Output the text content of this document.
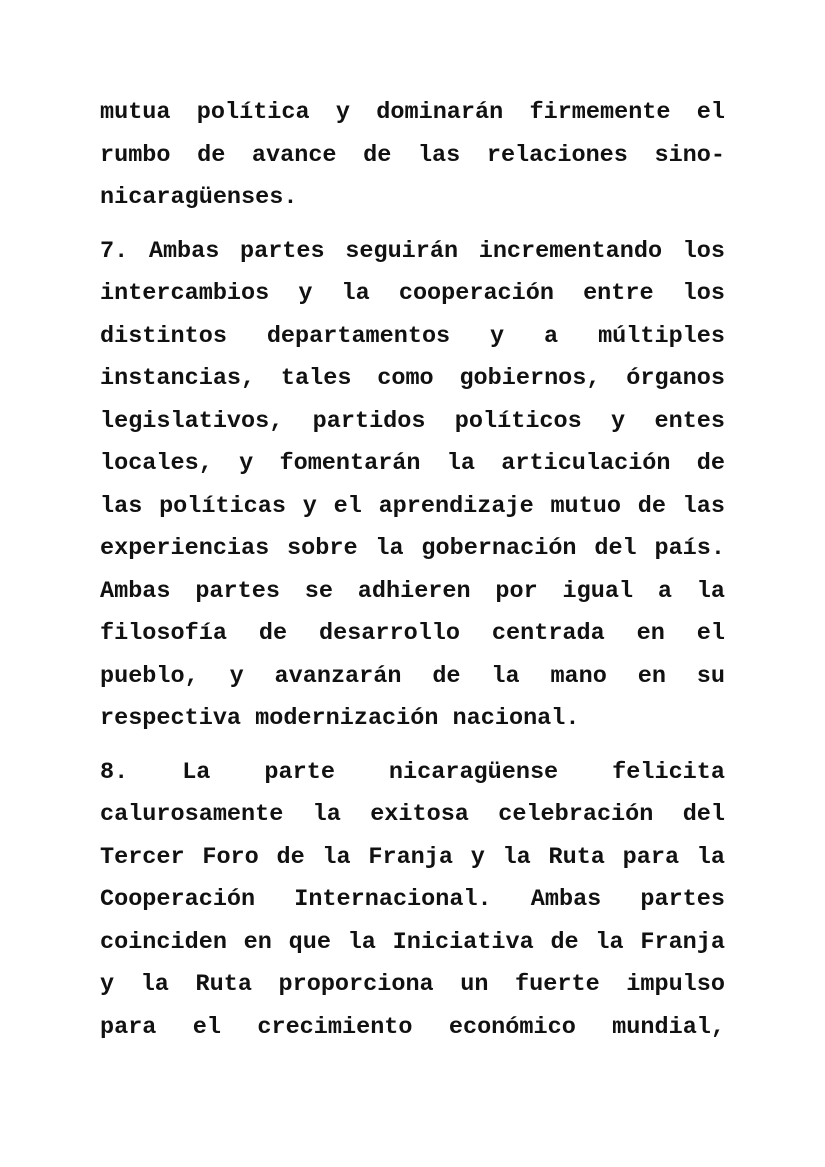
mutua política y dominarán firmemente el
rumbo de avance de las relaciones sino-
nicaragüenses.
7. Ambas partes seguirán incrementando los
intercambios y la cooperación entre los
distintos departamentos y a múltiples
instancias, tales como gobiernos, órganos
legislativos, partidos políticos y entes
locales, y fomentarán la articulación de
las políticas y el aprendizaje mutuo de las
experiencias sobre la gobernación del país.
Ambas partes se adhieren por igual a la
filosofía de desarrollo centrada en el
pueblo, y avanzarán de la mano en su
respectiva modernización nacional.
8. La parte nicaragüense felicita
calurosamente la exitosa celebración del
Tercer Foro de la Franja y la Ruta para la
Cooperación Internacional. Ambas partes
coinciden en que la Iniciativa de la Franja
y la Ruta proporciona un fuerte impulso
para el crecimiento económico mundial,
